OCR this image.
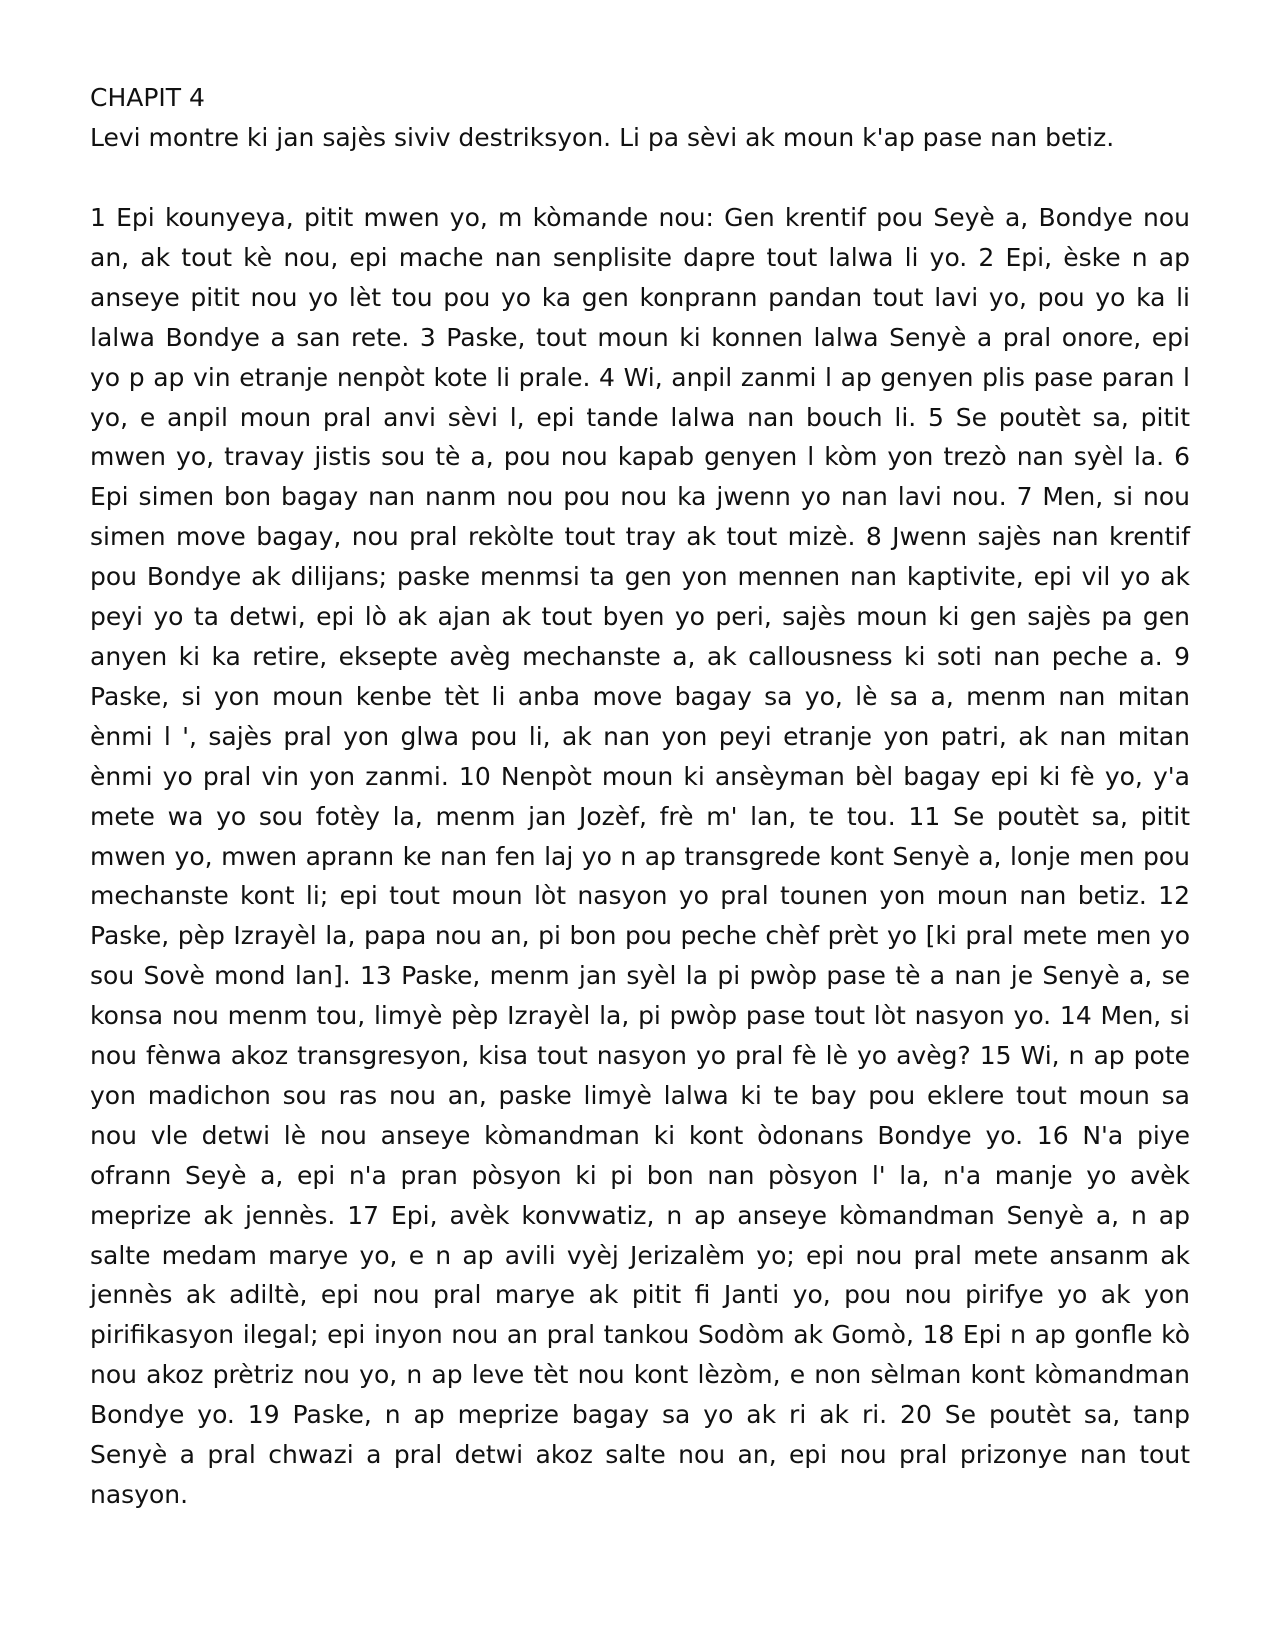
CHAPIT 4

Levi montre ki jan sajès siviv destriksyon. Li pa sèvi ak moun k'ap pase nan betiz.

1 Epi kounyeya, pitit mwen yo, m kòmande nou: Gen krentif pou Seyè a, Bondye nou an, ak tout kè nou, epi mache nan senplisite dapre tout lalwa li yo. 2 Epi, èske n ap anseye pitit nou yo lèt tou pou yo ka gen konprann pandan tout lavi yo, pou yo ka li lalwa Bondye a san rete. 3 Paske, tout moun ki konnen lalwa Senyè a pral onore, epi yo p ap vin etranje nenpòt kote li prale. 4 Wi, anpil zanmi l ap genyen plis pase paran l yo, e anpil moun pral anvi sèvi l, epi tande lalwa nan bouch li. 5 Se poutèt sa, pitit mwen yo, travay jistis sou tè a, pou nou kapab genyen l kòm yon trezò nan syèl la. 6 Epi simen bon bagay nan nanm nou pou nou ka jwenn yo nan lavi nou. 7 Men, si nou simen move bagay, nou pral rekòlte tout tray ak tout mizè. 8 Jwenn sajès nan krentif pou Bondye ak dilijans; paske menmsi ta gen yon mennen nan kaptivite, epi vil yo ak peyi yo ta detwi, epi lò ak ajan ak tout byen yo peri, sajès moun ki gen sajès pa gen anyen ki ka retire, eksepte avèg mechanste a, ak callousness ki soti nan peche a. 9 Paske, si yon moun kenbe tèt li anba move bagay sa yo, lè sa a, menm nan mitan ènmi l ', sajès pral yon glwa pou li, ak nan yon peyi etranje yon patri, ak nan mitan ènmi yo pral vin yon zanmi. 10 Nenpòt moun ki ansèyman bèl bagay epi ki fè yo, y'a mete wa yo sou fotèy la, menm jan Jozèf, frè m' lan, te tou. 11 Se poutèt sa, pitit mwen yo, mwen aprann ke nan fen laj yo n ap transgrede kont Senyè a, lonje men pou mechanste kont li; epi tout moun lòt nasyon yo pral tounen yon moun nan betiz. 12 Paske, pèp Izrayèl la, papa nou an, pi bon pou peche chèf prèt yo [ki pral mete men yo sou Sovè mond lan]. 13 Paske, menm jan syèl la pi pwòp pase tè a nan je Senyè a, se konsa nou menm tou, limyè pèp Izrayèl la, pi pwòp pase tout lòt nasyon yo. 14 Men, si nou fènwa akoz transgresyon, kisa tout nasyon yo pral fè lè yo avèg? 15 Wi, n ap pote yon madichon sou ras nou an, paske limyè lalwa ki te bay pou eklere tout moun sa nou vle detwi lè nou anseye kòmandman ki kont òdonans Bondye yo. 16 N'a piye ofrann Seyè a, epi n'a pran pòsyon ki pi bon nan pòsyon l' la, n'a manje yo avèk meprize ak jennès. 17 Epi, avèk konvwatiz, n ap anseye kòmandman Senyè a, n ap salte medam marye yo, e n ap avili vyèj Jerizalèm yo; epi nou pral mete ansanm ak jennès ak adiltè, epi nou pral marye ak pitit fi Janti yo, pou nou pirifye yo ak yon pirifikasyon ilegal; epi inyon nou an pral tankou Sodòm ak Gomò, 18 Epi n ap gonfle kò nou akoz prètriz nou yo, n ap leve tèt nou kont lèzòm, e non sèlman kont kòmandman Bondye yo. 19 Paske, n ap meprize bagay sa yo ak ri ak ri. 20 Se poutèt sa, tanp Senyè a pral chwazi a pral detwi akoz salte nou an, epi nou pral prizonye nan tout nasyon.
